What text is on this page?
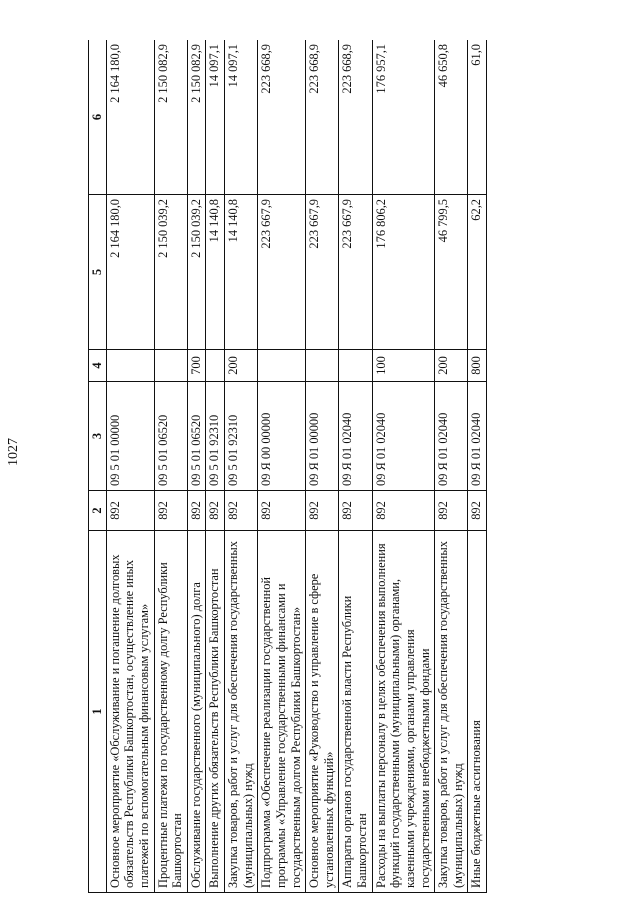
1027
1	2	3	4	5	6
Основное мероприятие «Обслуживание и погашение долговых обязательств Республики Башкортостан, осуществление иных платежей по вспомогательным финансовым услугам»	892	09 5 01 00000		2 164 180,0	2 164 180,0
Процентные платежи по государственному долгу Республики Башкортостан	892	09 5 01 06520		2 150 039,2	2 150 082,9
Обслуживание государственного (муниципального) долга	892	09 5 01 06520	700	2 150 039,2	2 150 082,9
Выполнение других обязательств Республики Башкортостан	892	09 5 01 92310		14 140,8	14 097,1
Закупка товаров, работ и услуг для обеспечения государственных (муниципальных) нужд	892	09 5 01 92310	200	14 140,8	14 097,1
Подпрограмма «Обеспечение реализации государственной программы «Управление государственными финансами и государственным долгом Республики Башкортостан»	892	09 Я 00 00000		223 667,9	223 668,9
Основное мероприятие «Руководство и управление в сфере установленных функций»	892	09 Я 01 00000		223 667,9	223 668,9
Аппараты органов государственной власти Республики Башкортостан	892	09 Я 01 02040		223 667,9	223 668,9
Расходы на выплаты персоналу в целях обеспечения выполнения функций государственными (муниципальными) органами, казенными учреждениями, органами управления государственными внебюджетными фондами	892	09 Я 01 02040	100	176 806,2	176 957,1
Закупка товаров, работ и услуг для обеспечения государственных (муниципальных) нужд	892	09 Я 01 02040	200	46 799,5	46 650,8
Иные бюджетные ассигнования	892	09 Я 01 02040	800	62,2	61,0
